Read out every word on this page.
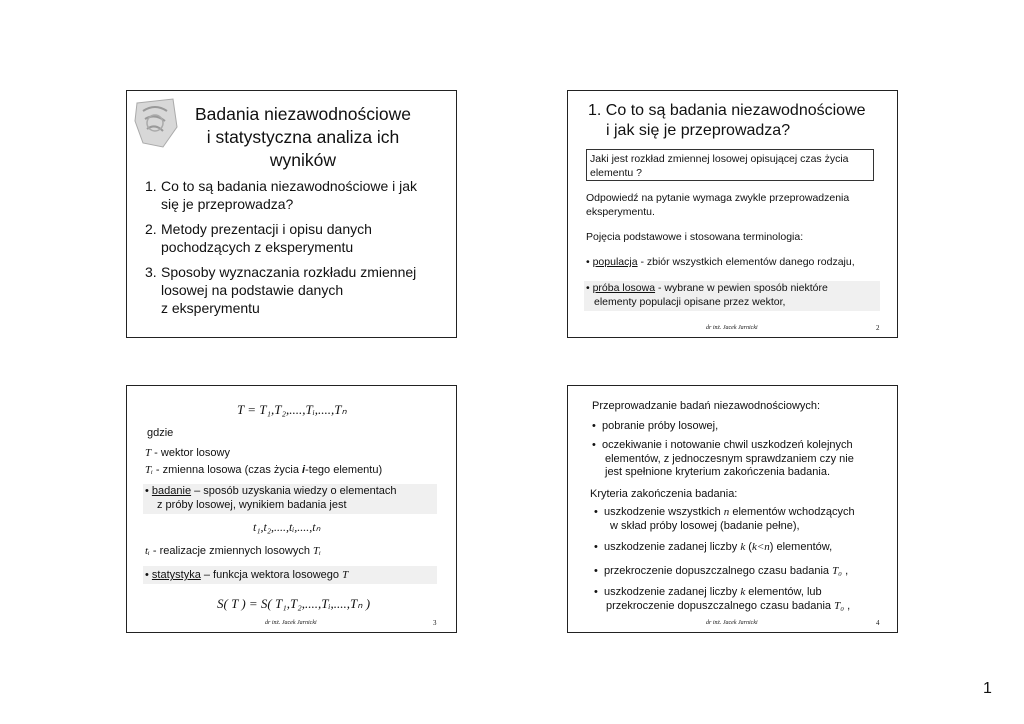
Badania niezawodnościowe
i statystyczna analiza ich
wyników
1. Co to są badania niezawodnościowe i jak
się je przeprowadza?
2. Metody prezentacji i opisu danych
pochodzących z eksperymentu
3. Sposoby wyznaczania rozkładu zmiennej
losowej na podstawie danych
z eksperymentu
1. Co to są badania niezawodnościowe
i jak się je przeprowadza?
Jaki jest rozkład zmiennej losowej opisującej czas życia
elementu ?
Odpowiedź na pytanie wymaga zwykle przeprowadzenia
eksperymentu.
Pojęcia podstawowe i stosowana terminologia:
• populacja - zbiór wszystkich elementów danego rodzaju,
• próba losowa - wybrane w pewien sposób niektóre
elementy populacji opisane przez wektor,
dr inż. Jacek Jarnicki	2
T = T₁,T₂,....,Tᵢ,....,Tₙ
gdzie
T - wektor losowy
Tᵢ - zmienna losowa (czas życia i-tego elementu)
• badanie – sposób uzyskania wiedzy o elementach
z próby losowej, wynikiem badania jest
t₁,t₂,....,tᵢ,....,tₙ
tᵢ - realizacje zmiennych losowych Tᵢ
• statystyka – funkcja wektora losowego T
S( T ) = S( T₁,T₂,....,Tᵢ,....,Tₙ )
dr inż. Jacek Jarnicki	3
Przeprowadzanie badań niezawodnościowych:
•  pobranie próby losowej,
•  oczekiwanie i notowanie chwil uszkodzeń kolejnych
elementów, z jednoczesnym sprawdzaniem czy nie
jest spełnione kryterium zakończenia badania.
Kryteria zakończenia badania:
•  uszkodzenie wszystkich n elementów wchodzących
w skład próby losowej (badanie pełne),
•  uszkodzenie zadanej liczby k (k<n) elementów,
•  przekroczenie dopuszczalnego czasu badania T₀ ,
•  uszkodzenie zadanej liczby k elementów, lub
przekroczenie dopuszczalnego czasu badania T₀ ,
dr inż. Jacek Jarnicki	4
1
